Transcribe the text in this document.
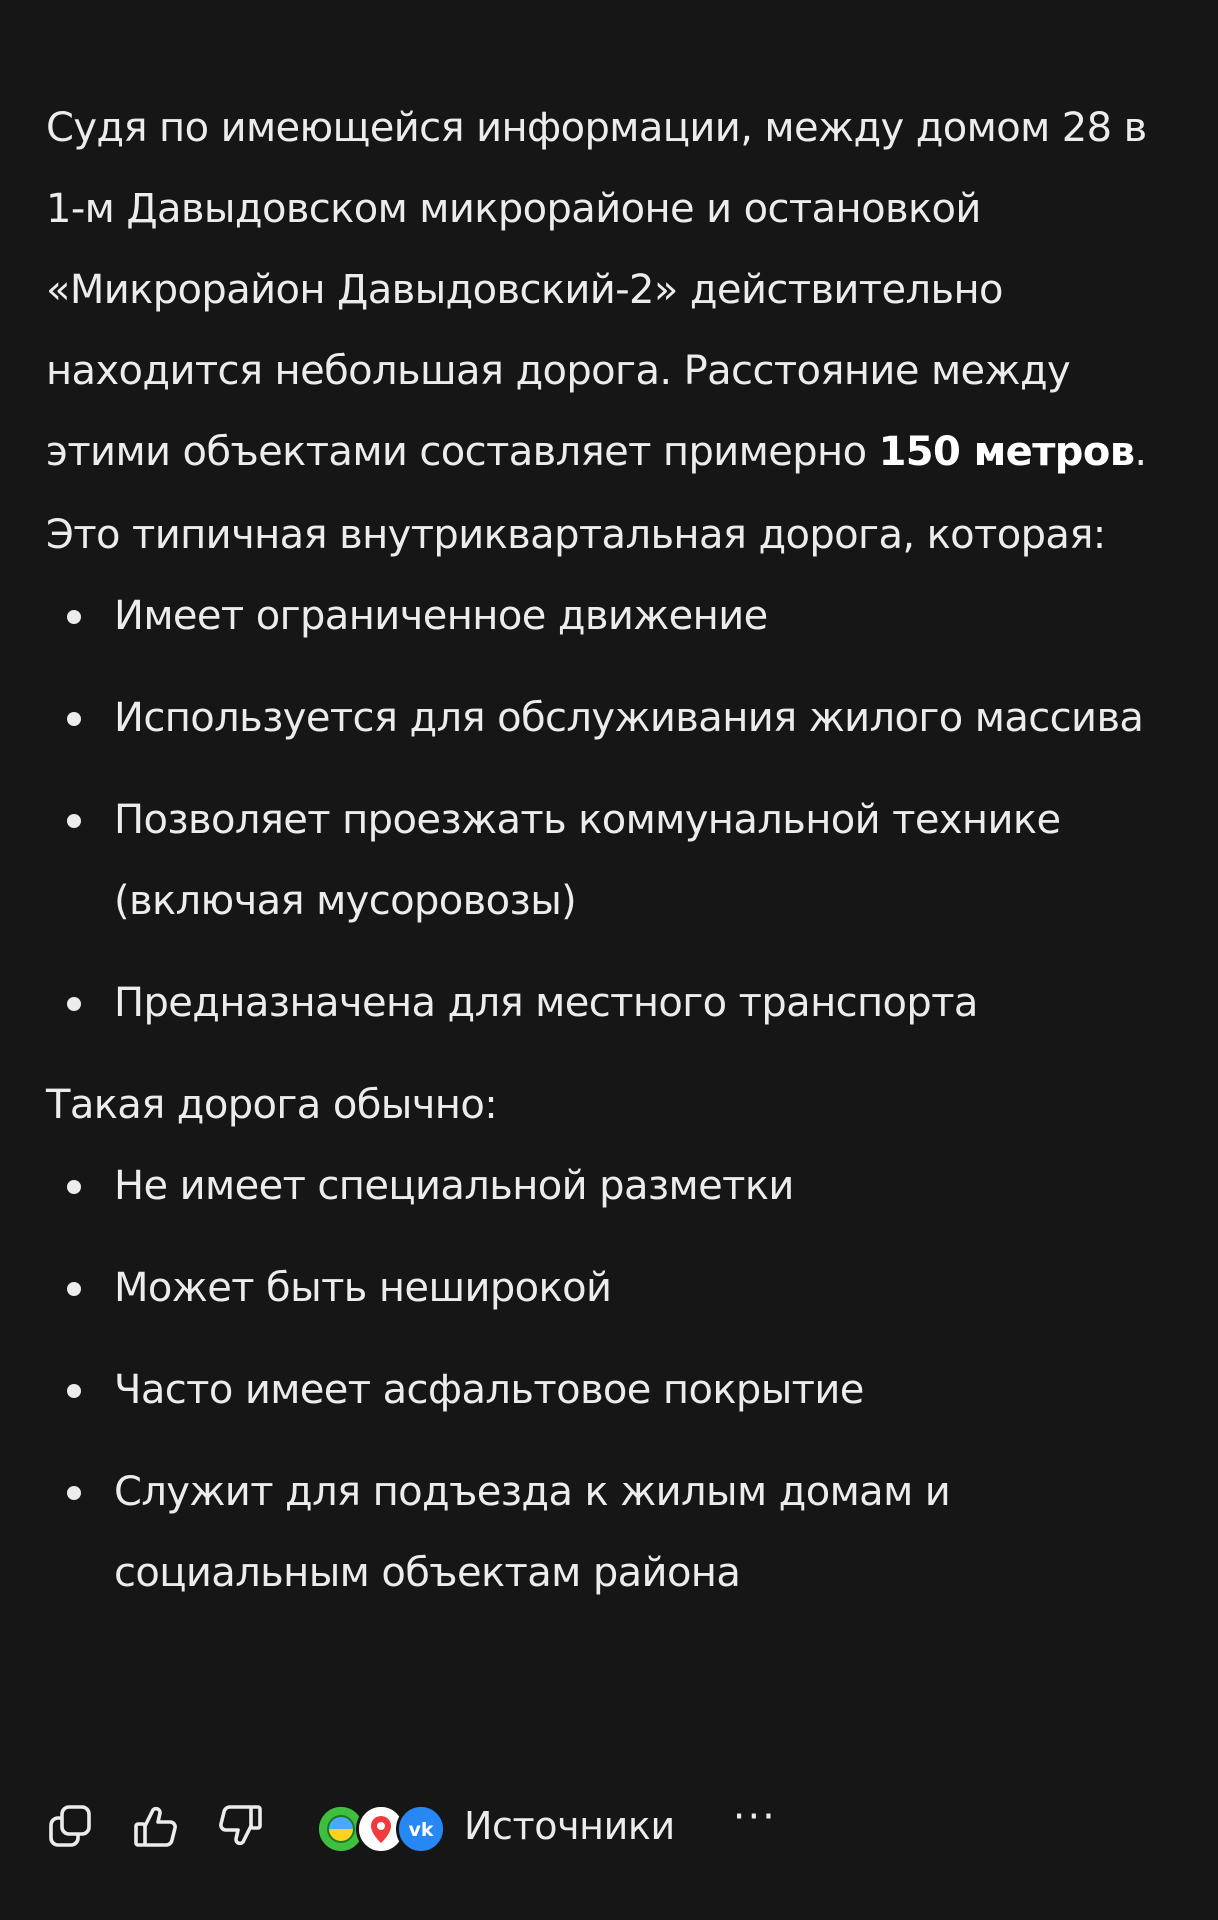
Судя по имеющейся информации, между домом 28 в 1-м Давыдовском микрорайоне и остановкой «Микрорайон Давыдовский-2» действительно находится небольшая дорога. Расстояние между этими объектами составляет примерно 150 метров.

Это типичная внутриквартальная дорога, которая:

Имеет ограниченное движение
Используется для обслуживания жилого массива
Позволяет проезжать коммунальной технике (включая мусоровозы)
Предназначена для местного транспорта

Такая дорога обычно:

Не имеет специальной разметки
Может быть неширокой
Часто имеет асфальтовое покрытие
Служит для подъезда к жилым домам и социальным объектам района
vk Источники ···
